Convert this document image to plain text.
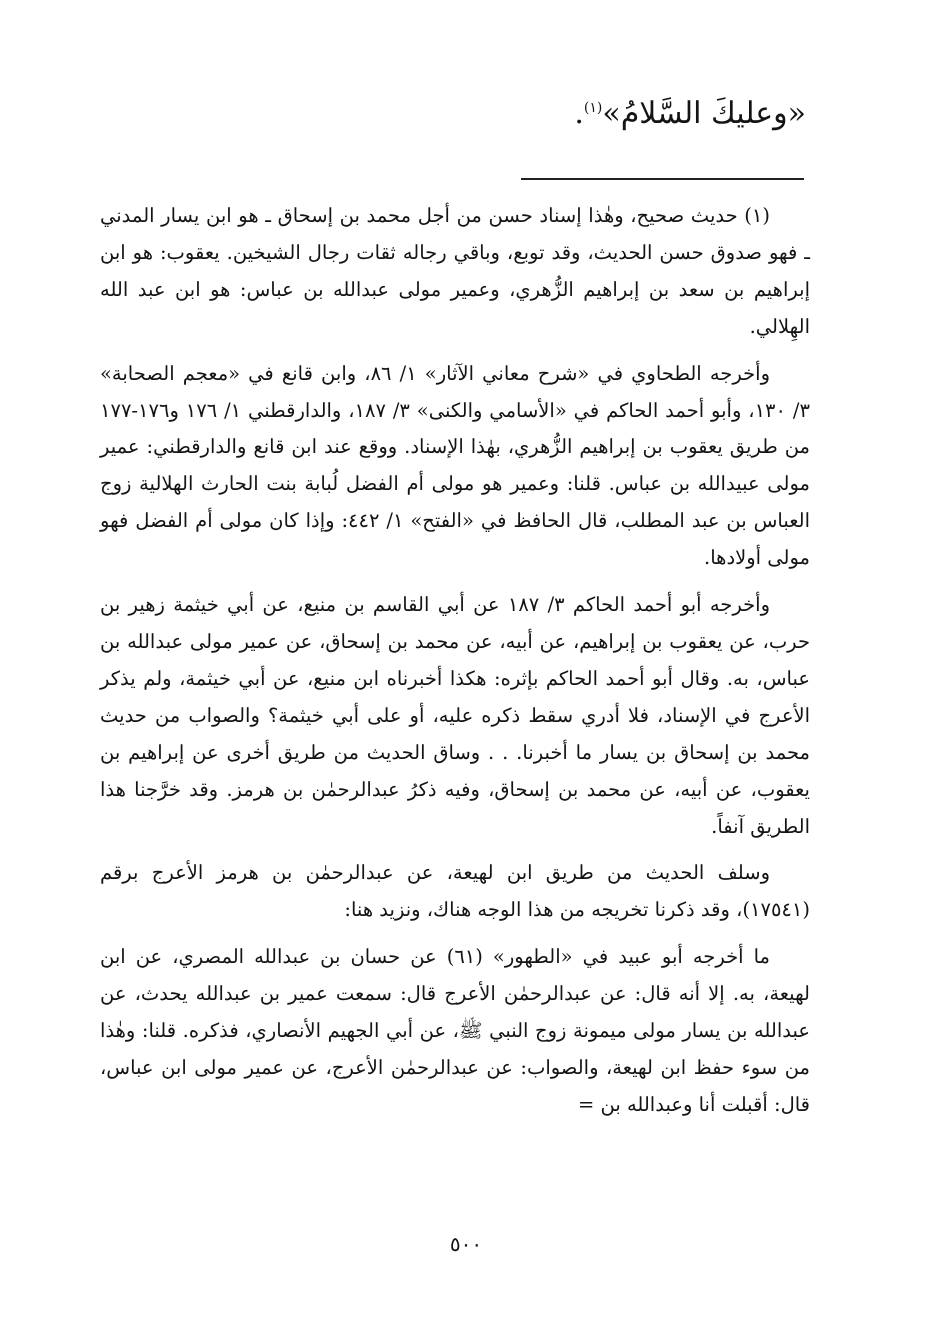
«وعليكَ السَّلامُ»$^{(١)}$.

(١) حديث صحيح، وهٰذا إسناد حسن من أجل محمد بن إسحاق ـ هو ابن يسار المدني ـ فهو صدوق حسن الحديث، وقد توبع، وباقي رجاله ثقات رجال الشيخين. يعقوب: هو ابن إبراهيم بن سعد بن إبراهيم الزُّهري، وعمير مولى عبدالله بن عباس: هو ابن عبد الله الهِلالي.

وأخرجه الطحاوي في «شرح معاني الآثار» ١/ ٨٦، وابن قانع في «معجم الصحابة» ٣/ ١٣٠، وأبو أحمد الحاكم في «الأسامي والكنى» ٣/ ١٨٧، والدارقطني ١/ ١٧٦ و١٧٦-١٧٧ من طريق يعقوب بن إبراهيم الزُّهري، بهٰذا الإسناد. ووقع عند ابن قانع والدارقطني: عمير مولى عبيدالله بن عباس. قلنا: وعمير هو مولى أم الفضل لُبابة بنت الحارث الهلالية زوج العباس بن عبد المطلب، قال الحافظ في «الفتح» ١/ ٤٤٢: وإذا كان مولى أم الفضل فهو مولى أولادها.

وأخرجه أبو أحمد الحاكم ٣/ ١٨٧ عن أبي القاسم بن منيع، عن أبي خيثمة زهير بن حرب، عن يعقوب بن إبراهيم، عن أبيه، عن محمد بن إسحاق، عن عمير مولى عبدالله بن عباس، به. وقال أبو أحمد الحاكم بإثره: هكذا أخبرناه ابن منيع، عن أبي خيثمة، ولم يذكر الأعرج في الإسناد، فلا أدري سقط ذكره عليه، أو على أبي خيثمة؟ والصواب من حديث محمد بن إسحاق بن يسار ما أخبرنا. . . وساق الحديث من طريق أخرى عن إبراهيم بن يعقوب، عن أبيه، عن محمد بن إسحاق، وفيه ذكرُ عبدالرحمٰن بن هرمز. وقد خرَّجنا هذا الطريق آنفاً.

وسلف الحديث من طريق ابن لهيعة، عن عبدالرحمٰن بن هرمز الأعرج برقم (١٧٥٤١)، وقد ذكرنا تخريجه من هذا الوجه هناك، ونزيد هنا:

ما أخرجه أبو عبيد في «الطهور» (٦١) عن حسان بن عبدالله المصري، عن ابن لهيعة، به. إلا أنه قال: عن عبدالرحمٰن الأعرج قال: سمعت عمير بن عبدالله يحدث، عن عبدالله بن يسار مولى ميمونة زوج النبي ﷺ، عن أبي الجهيم الأنصاري، فذكره. قلنا: وهٰذا من سوء حفظ ابن لهيعة، والصواب: عن عبدالرحمٰن الأعرج، عن عمير مولى ابن عباس، قال: أقبلت أنا وعبدالله بن =

٥٠٠
